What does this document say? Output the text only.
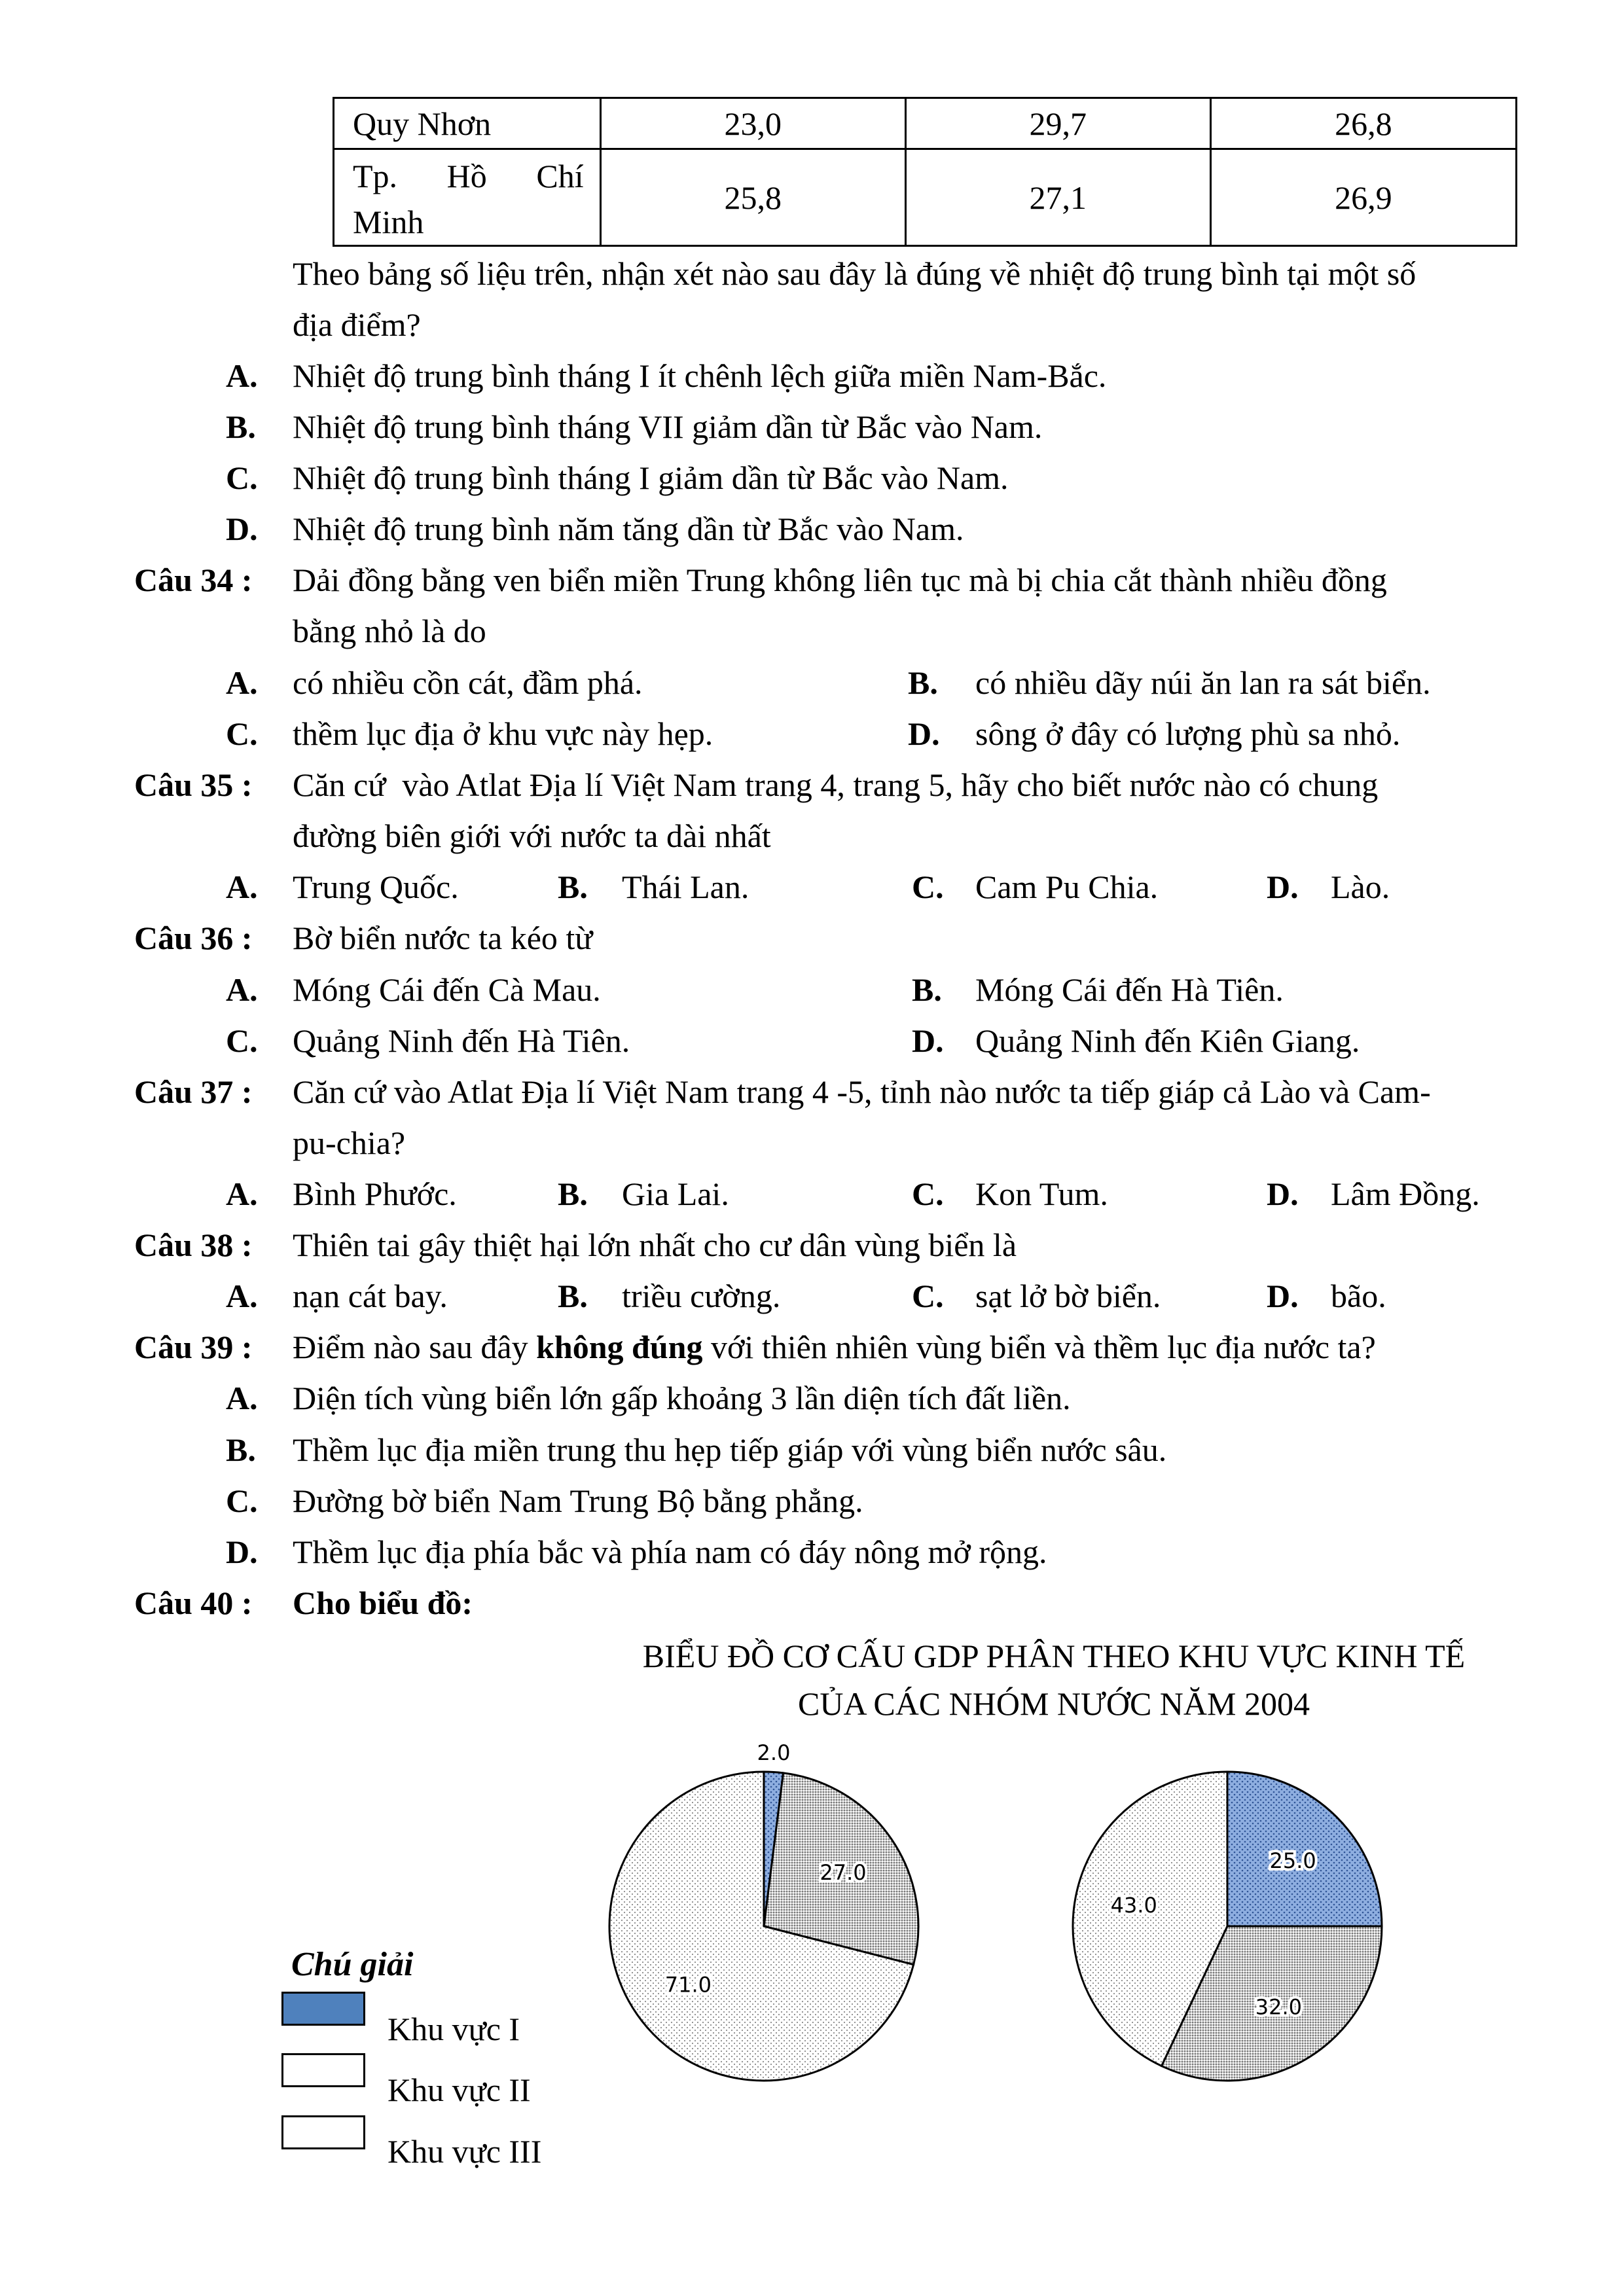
Quy Nhơn	23,0	29,7	26,8

Tp. Hồ Chí
Minh	25,8	27,1	26,9
Theo bảng số liệu trên, nhận xét nào sau đây là đúng về nhiệt độ trung bình tại một số
địa điểm?
A. Nhiệt độ trung bình tháng I ít chênh lệch giữa miền Nam-Bắc.
B. Nhiệt độ trung bình tháng VII giảm dần từ Bắc vào Nam.
C. Nhiệt độ trung bình tháng I giảm dần từ Bắc vào Nam.
D. Nhiệt độ trung bình năm tăng dần từ Bắc vào Nam.
Câu 34 : Dải đồng bằng ven biển miền Trung không liên tục mà bị chia cắt thành nhiều đồng
bằng nhỏ là do
A. có nhiều cồn cát, đầm phá.	B. có nhiều dãy núi ăn lan ra sát biển.
C. thềm lục địa ở khu vực này hẹp.	D. sông ở đây có lượng phù sa nhỏ.
Câu 35 : Căn cứ  vào Atlat Địa lí Việt Nam trang 4, trang 5, hãy cho biết nước nào có chung
đường biên giới với nước ta dài nhất
A. Trung Quốc.	B. Thái Lan.	C. Cam Pu Chia.	D. Lào.
Câu 36 : Bờ biển nước ta kéo từ
A. Móng Cái đến Cà Mau.	B. Móng Cái đến Hà Tiên.
C. Quảng Ninh đến Hà Tiên.	D. Quảng Ninh đến Kiên Giang.
Câu 37 : Căn cứ vào Atlat Địa lí Việt Nam trang 4 -5, tỉnh nào nước ta tiếp giáp cả Lào và Cam-
pu-chia?
A. Bình Phước.	B. Gia Lai.	C. Kon Tum.	D. Lâm Đồng.
Câu 38 : Thiên tai gây thiệt hại lớn nhất cho cư dân vùng biển là
A. nạn cát bay.	B. triều cường.	C. sạt lở bờ biển.	D. bão.
Câu 39 : Điểm nào sau đây không đúng với thiên nhiên vùng biển và thềm lục địa nước ta?
A. Diện tích vùng biển lớn gấp khoảng 3 lần diện tích đất liền.
B. Thềm lục địa miền trung thu hẹp tiếp giáp với vùng biển nước sâu.
C. Đường bờ biển Nam Trung Bộ bằng phẳng.
D. Thềm lục địa phía bắc và phía nam có đáy nông mở rộng.
Câu 40 : Cho biểu đồ:
BIỂU ĐỒ CƠ CẤU GDP PHÂN THEO KHU VỰC KINH TẾ
CỦA CÁC NHÓM NƯỚC NĂM 2004
2.0
27.0
71.0
25.0
32.0
43.0
Chú giải
Khu vực I
Khu vực II
Khu vực III
